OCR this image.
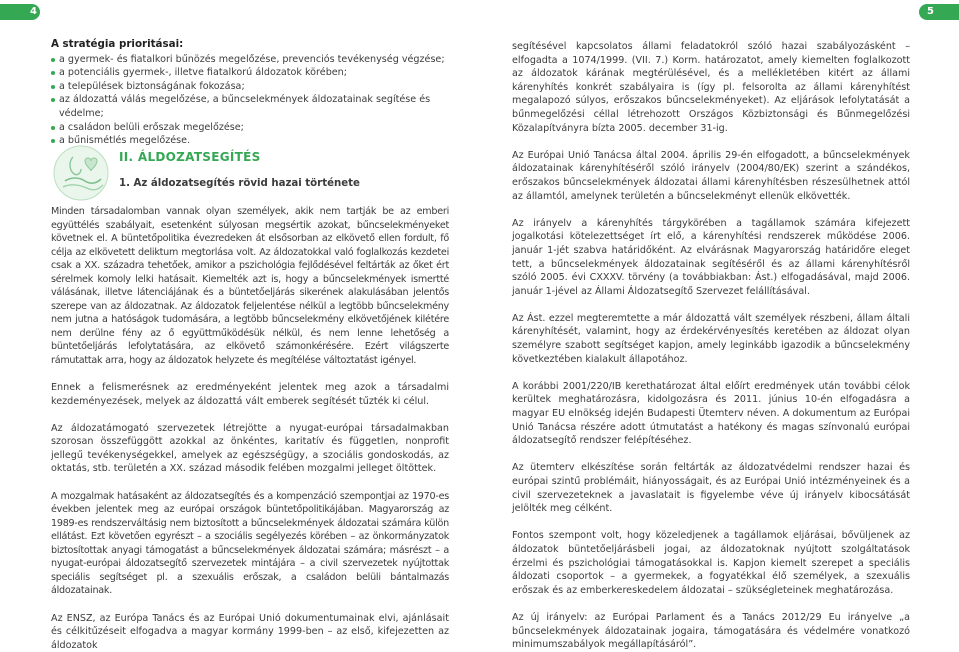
4	5
A stratégia prioritásai:
a gyermek- és fiatalkori bűnözés megelőzése, prevenciós tevékenység végzése;
a potenciális gyermek-, illetve fiatalkorú áldozatok körében;
a települések biztonságának fokozása;
az áldozattá válás megelőzése, a bűncselekmények áldozatainak segítése és védelme;
a családon belüli erőszak megelőzése;
a bűnismétlés megelőzése.
II. ÁLDOZATSEGÍTÉS
1. Az áldozatsegítés rövid hazai története

Minden társadalomban vannak olyan személyek, akik nem tartják be az emberi együttélés szabályait, esetenként súlyosan megsértik azokat, bűncselekményeket követnek el. A büntetőpolitika évezredeken át elsősorban az elkövető ellen fordult, fő célja az elkövetett deliktum megtorlása volt. Az áldozatokkal való foglalkozás kezdetei csak a XX. századra tehetőek, amikor a pszichológia fejlődésével feltárták az őket ért sérelmek komoly lelki hatásait. Kiemelték azt is, hogy a bűncselekmények ismertté válásának, illetve látenciájának és a büntetőeljárás sikerének alakulásában jelentős szerepe van az áldozatnak. Az áldozatok feljelentése nélkül a legtöbb bűncselekmény nem jutna a hatóságok tudomására, a legtöbb bűncselekmény elkövetőjének kilétére nem derülne fény az ő együttműködésük nélkül, és nem lenne lehetőség a büntetőeljárás lefolytatására, az elkövető számonkérésére. Ezért világszerte rámutattak arra, hogy az áldozatok helyzete és megítélése változtatást igényel.

Ennek a felismerésnek az eredményeként jelentek meg azok a társadalmi kezdeményezések, melyek az áldozattá vált emberek segítését tűzték ki célul.

Az áldozatámogató szervezetek létrejötte a nyugat-európai társadalmakban szorosan összefüggött azokkal az önkéntes, karitatív és független, nonprofit jellegű tevékenységekkel, amelyek az egészségügy, a szociális gondoskodás, az oktatás, stb. területén a XX. század második felében mozgalmi jelleget öltöttek.

A mozgalmak hatásaként az áldozatsegítés és a kompenzáció szempontjai az 1970-es években jelentek meg az európai országok büntetőpolitikájában. Magyarország az 1989-es rendszerváltásig nem biztosított a bűncselekmények áldozatai számára külön ellátást. Ezt követően egyrészt – a szociális segélyezés körében – az önkormányzatok biztosítottak anyagi támogatást a bűncselekmények áldozatai számára; másrészt – a nyugat-európai áldozatsegítő szervezetek mintájára – a civil szervezetek nyújtottak speciális segítséget pl. a szexuális erőszak, a családon belüli bántalmazás áldozatainak.

Az ENSZ, az Európa Tanács és az Európai Unió dokumentumainak elvi, ajánlásait és célkitűzéseit elfogadva a magyar kormány 1999-ben – az első, kifejezetten az áldozatok

segítésével kapcsolatos állami feladatokról szóló hazai szabályozásként – elfogadta a 1074/1999. (VII. 7.) Korm. határozatot, amely kiemelten foglalkozott az áldozatok kárának megtérülésével, és a mellékletében kitért az állami kárenyhítés konkrét szabályaira is (így pl. felsorolta az állami kárenyhítést megalapozó súlyos, erőszakos bűncselekményeket). Az eljárások lefolytatását a bűnmegelőzési céllal létrehozott Országos Közbiztonsági és Bűnmegelőzési Közalapítványra bízta 2005. december 31-ig.

Az Európai Unió Tanácsa által 2004. április 29-én elfogadott, a bűncselekmények áldozatainak kárenyhítéséről szóló irányelv (2004/80/EK) szerint a szándékos, erőszakos bűncselekmények áldozatai állami kárenyhítésben részesülhetnek attól az államtól, amelynek területén a bűncselekményt ellenük elkövették.

Az irányelv a kárenyhítés tárgykörében a tagállamok számára kifejezett jogalkotási kötelezettséget írt elő, a kárenyhítési rendszerek működése 2006. január 1-jét szabva határidőként. Az elvárásnak Magyarország határidőre eleget tett, a bűncselekmények áldozatainak segítéséről és az állami kárenyhítésről szóló 2005. évi CXXXV. törvény (a továbbiakban: Ást.) elfogadásával, majd 2006. január 1-jével az Állami Áldozatsegítő Szervezet felállításával.

Az Ást. ezzel megteremtette a már áldozattá vált személyek részbeni, állam általi kárenyhítését, valamint, hogy az érdekérvényesítés keretében az áldozat olyan személyre szabott segítséget kapjon, amely leginkább igazodik a bűncselekmény következtében kialakult állapotához.

A korábbi 2001/220/IB kerethatározat által előírt eredmények után további célok kerültek meghatározásra, kidolgozásra és 2011. június 10-én elfogadásra a magyar EU elnökség idején Budapesti Ütemterv néven. A dokumentum az Európai Unió Tanácsa részére adott útmutatást a hatékony és magas színvonalú európai áldozatsegítő rendszer felépítéséhez.

Az ütemterv elkészítése során feltárták az áldozatvédelmi rendszer hazai és európai szintű problémáit, hiányosságait, és az Európai Unió intézményeinek és a civil szervezeteknek a javaslatait is figyelembe véve új irányelv kibocsátását jelölték meg célként.

Fontos szempont volt, hogy közeledjenek a tagállamok eljárásai, bővüljenek az áldozatok büntetőeljárásbeli jogai, az áldozatoknak nyújtott szolgáltatások érzelmi és pszichológiai támogatásokkal is. Kapjon kiemelt szerepet a speciális áldozati csoportok – a gyermekek, a fogyatékkal élő személyek, a szexuális erőszak és az emberkereskedelem áldozatai – szükségleteinek meghatározása.

Az új irányelv: az Európai Parlament és a Tanács 2012/29 Eu irányelve „a bűncselekmények áldozatainak jogaira, támogatására és védelmére vonatkozó minimumszabályok megállapításáról”.
